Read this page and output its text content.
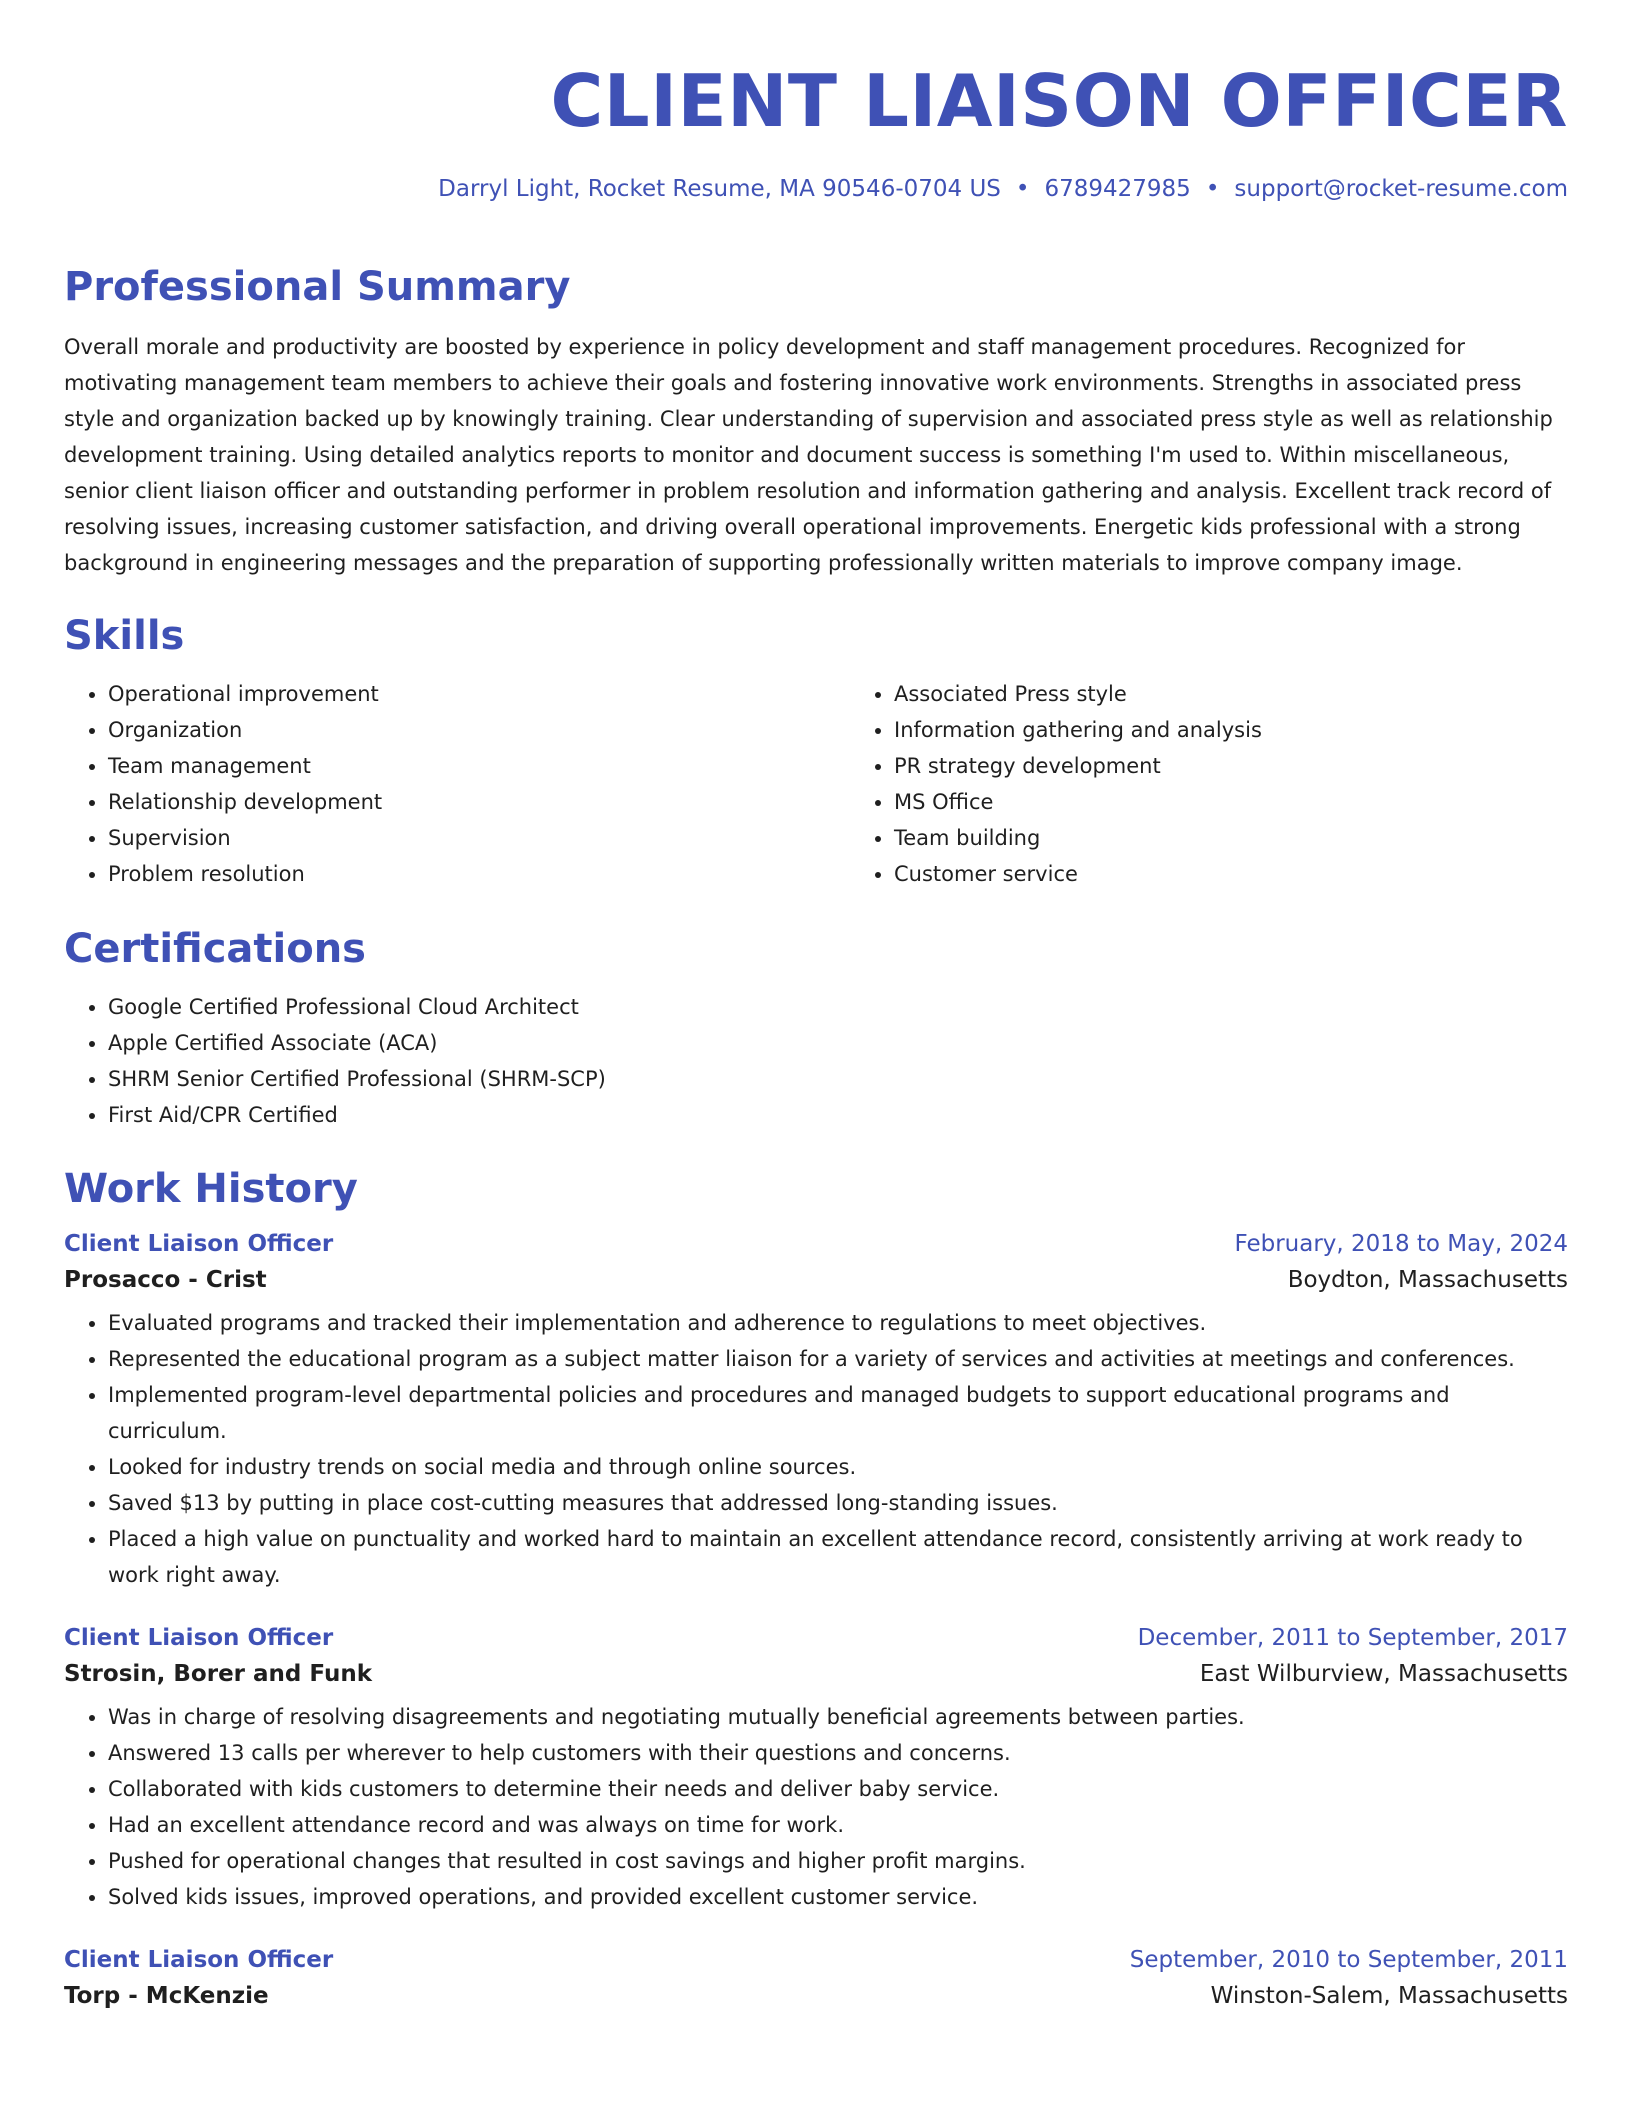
CLIENT LIAISON OFFICER
Darryl Light, Rocket Resume, MA 90546-0704 US • 6789427985 • support@rocket-resume.com
Professional Summary

Overall morale and productivity are boosted by experience in policy development and staff management procedures. Recognized for motivating management team members to achieve their goals and fostering innovative work environments. Strengths in associated press style and organization backed up by knowingly training. Clear understanding of supervision and associated press style as well as relationship development training. Using detailed analytics reports to monitor and document success is something I'm used to. Within miscellaneous, senior client liaison officer and outstanding performer in problem resolution and information gathering and analysis. Excellent track record of resolving issues, increasing customer satisfaction, and driving overall operational improvements. Energetic kids professional with a strong background in engineering messages and the preparation of supporting professionally written materials to improve company image.

Skills
• Operational improvement
• Organization
• Team management
• Relationship development
• Supervision
• Problem resolution
• Associated Press style
• Information gathering and analysis
• PR strategy development
• MS Office
• Team building
• Customer service
Certifications
• Google Certified Professional Cloud Architect
• Apple Certified Associate (ACA)
• SHRM Senior Certified Professional (SHRM-SCP)
• First Aid/CPR Certified
Work History
Client Liaison Officer	February, 2018 to May, 2024
Prosacco - Crist	Boydton, Massachusetts
• Evaluated programs and tracked their implementation and adherence to regulations to meet objectives.
• Represented the educational program as a subject matter liaison for a variety of services and activities at meetings and conferences.
• Implemented program-level departmental policies and procedures and managed budgets to support educational programs and curriculum.
• Looked for industry trends on social media and through online sources.
• Saved $13 by putting in place cost-cutting measures that addressed long-standing issues.
• Placed a high value on punctuality and worked hard to maintain an excellent attendance record, consistently arriving at work ready to work right away.
Client Liaison Officer	December, 2011 to September, 2017
Strosin, Borer and Funk	East Wilburview, Massachusetts
• Was in charge of resolving disagreements and negotiating mutually beneficial agreements between parties.
• Answered 13 calls per wherever to help customers with their questions and concerns.
• Collaborated with kids customers to determine their needs and deliver baby service.
• Had an excellent attendance record and was always on time for work.
• Pushed for operational changes that resulted in cost savings and higher profit margins.
• Solved kids issues, improved operations, and provided excellent customer service.
Client Liaison Officer	September, 2010 to September, 2011
Torp - McKenzie	Winston-Salem, Massachusetts
